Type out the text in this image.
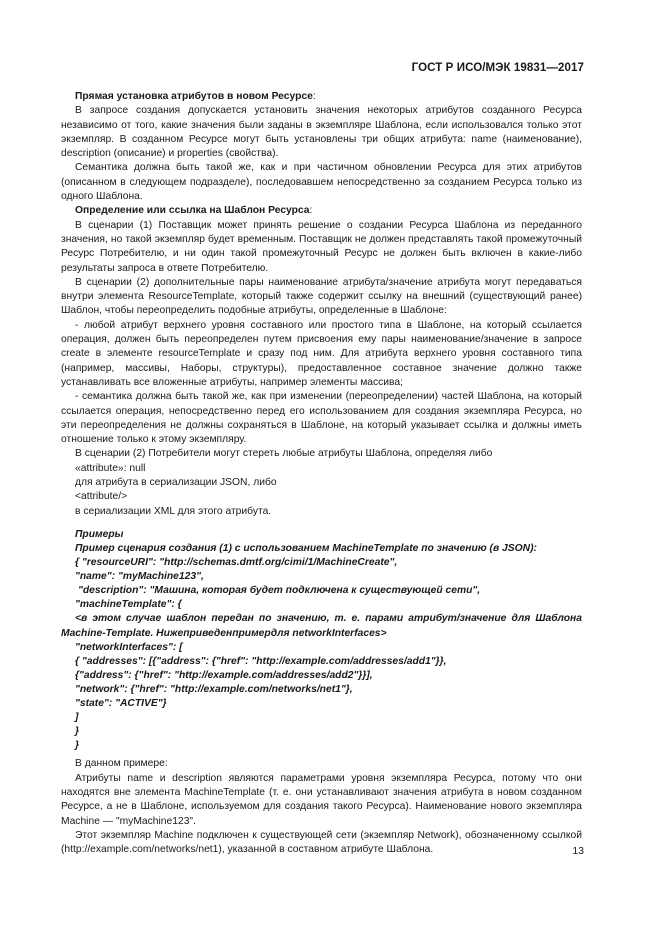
ГОСТ Р ИСО/МЭК 19831—2017

Прямая установка атрибутов в новом Ресурсе:

В запросе создания допускается установить значения некоторых атрибутов созданного Ресурса независимо от того, какие значения были заданы в экземпляре Шаблона, если использовался только этот экземпляр. В созданном Ресурсе могут быть установлены три общих атрибута: name (наименование), description (описание) и properties (свойства).

Семантика должна быть такой же, как и при частичном обновлении Ресурса для этих атрибутов (описанном в следующем подразделе), последовавшем непосредственно за созданием Ресурса только из одного Шаблона.

Определение или ссылка на Шаблон Ресурса:

В сценарии (1) Поставщик может принять решение о создании Ресурса Шаблона из переданного значения, но такой экземпляр будет временным. Поставщик не должен представлять такой промежуточный Ресурс Потребителю, и ни один такой промежуточный Ресурс не должен быть включен в какие-либо результаты запроса в ответе Потребителю.

В сценарии (2) дополнительные пары наименование атрибута/значение атрибута могут передаваться внутри элемента ResourceTemplate, который также содержит ссылку на внешний (существующий ранее) Шаблон, чтобы переопределить подобные атрибуты, определенные в Шаблоне:

- любой атрибут верхнего уровня составного или простого типа в Шаблоне, на который ссылается операция, должен быть переопределен путем присвоения ему пары наименование/значение в запросе create в элементе resourceTemplate и сразу под ним. Для атрибута верхнего уровня составного типа (например, массивы, Наборы, структуры), предоставленное составное значение должно также устанавливать все вложенные атрибуты, например элементы массива;

- семантика должна быть такой же, как при изменении (переопределении) частей Шаблона, на который ссылается операция, непосредственно перед его использованием для создания экземпляра Ресурса, но эти переопределения не должны сохраняться в Шаблоне, на который указывает ссылка и должны иметь отношение только к этому экземпляру.

В сценарии (2) Потребители могут стереть любые атрибуты Шаблона, определяя либо

«attribute»: null

для атрибута в сериализации JSON, либо

<attribute/>

в сериализации XML для этого атрибута.

Примеры

Пример сценария создания (1) с использованием MachineTemplate по значению (в JSON):

{ "resourceURI": "http://schemas.dmtf.org/cimi/1/MachineCreate",

"name": "myMachine123",

"description": "Машина, которая будет подключена к существующей сети",

"machineTemplate": {

<в этом случае шаблон передан по значению, т. е. парами атрибут/значение для Шаблона Machine-Template. Нижеприведенпримердля networkInterfaces>

"networkInterfaces": [

{ "addresses": [{"address": {"href": "http://example.com/addresses/add1"}},

{"address": {"href": "http://example.com/addresses/add2"}}],

"network": {"href": "http://example.com/networks/net1"},

"state": "ACTIVE"}

]

}

}

В данном примере:

Атрибуты name и description являются параметрами уровня экземпляра Ресурса, потому что они находятся вне элемента MachineTemplate (т. е. они устанавливают значения атрибута в новом созданном Ресурсе, а не в Шаблоне, используемом для создания такого Ресурса). Наименование нового экземпляра Machine — "myMachine123".

Этот экземпляр Machine подключен к существующей сети (экземпляр Network), обозначенному ссылкой (http://example.com/networks/net1), указанной в составном атрибуте Шаблона.	13
